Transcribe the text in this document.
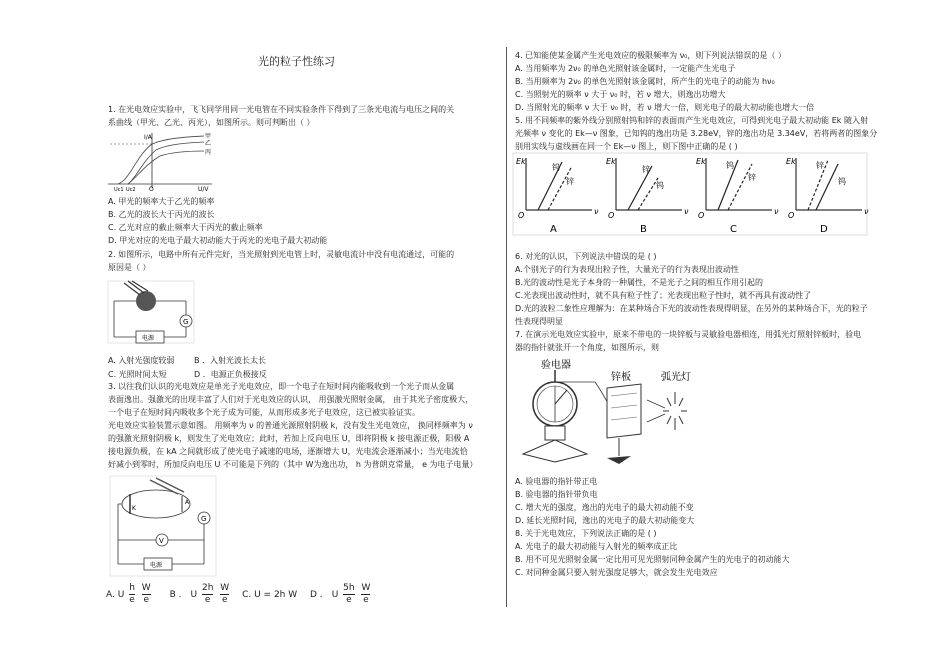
光的粒子性练习
1. 在光电效应实验中，飞飞同学用同一光电管在不同实验条件下得到了三条光电流与电压之间的关
系曲线（甲光、乙光、丙光），如图所示。则可判断出（ ）
I/A
U/V
O
Uc1 Uc2
甲
乙
丙
A. 甲光的频率大于乙光的频率
B. 乙光的波长大于丙光的波长
C. 乙光对应的截止频率大于丙光的截止频率
D. 甲光对应的光电子最大初动能大于丙光的光电子最大初动能
2. 如图所示，电路中所有元件完好，当光照射到光电管上时，灵敏电流计中没有电流通过，可能的
原因是（ ）
G
电源
A. 入射光强度较弱 B ．入射光波长太长
C. 光照时间太短	D ．电源正负极接反
3. 以往我们认识的光电效应是单光子光电效应，即一个电子在短时间内能吸收到一个光子而从金属
表面逸出。强激光的出现丰富了人们对于光电效应的认识， 用强激光照射金属， 由于其光子密度极大，
一个电子在短时间内吸收多个光子成为可能，从而形成多光子电效应，这已被实验证实。
光电效应实验装置示意如图。 用频率为 ν 的普通光源照射阴极 k，没有发生光电效应， 换同样频率为 ν
的强激光照射阴极 k，则发生了光电效应；此时，若加上反向电压 U，即将阴极 k 接电源正极，阳极 A
接电源负极，在 kA 之间就形成了使光电子减速的电场，逐渐增大 U，光电流会逐渐减小；当光电流恰
好减小到零时，所加反向电压 U 不可能是下列的（其中 W为逸出功， h 为普朗克常量， e 为电子电量）
K
A
G
V
电源
A. U $\frac{h}{e}$
$\frac{W}{e}$ B ． U $\frac{2h}{e}$
$\frac{W}{e} C$. U = 2h W D ． U $\frac{5h}{e}$
$\frac{W}{e}$
4. 已知能使某金属产生光电效应的极限频率为 ν₀，则下列说法错误的是（ ）
A. 当用频率为 2ν₀ 的单色光照射该金属时，一定能产生光电子
B. 当用频率为 2ν₀ 的单色光照射该金属时，所产生的光电子的动能为 hν₀
C. 当照射光的频率 ν 大于 ν₀ 时，若 ν 增大，则逸出功增大
D. 当照射光的频率 ν 大于 ν₀ 时，若 ν 增大一倍，则光电子的最大初动能也增大一倍
5. 用不同频率的紫外线分别照射钨和锌的表面而产生光电效应，可得到光电子最大初动能 Ek 随入射
光频率 ν 变化的 Ek—ν 图象，已知钨的逸出功是 3.28eV，锌的逸出功是 3.34eV，若将两者的图象分
别用实线与虚线画在同一个 Ek—ν 图上，则下图中正确的是 ( )
Ek
ν
O
钨
锌
A
Ek
ν
O
锌
钨
B
Ek
ν
O
钨
锌
C
Ek
ν
O
锌
钨
D
6. 对光的认识，下列说法中错误的是 ( )
A.个别光子的行为表现出粒子性，大量光子的行为表现出波动性
B.光的波动性是光子本身的一种属性，不是光子之间的相互作用引起的
C.光表现出波动性时，就不具有粒子性了；光表现出粒子性时，就不再具有波动性了
D.光的波粒二象性应理解为：在某种场合下光的波动性表现得明显，在另外的某种场合下，光的粒子
性表现得明显
7. 在演示光电效应实验中，原来不带电的一块锌板与灵敏验电器相连，用弧光灯照射锌板时，验电
器的指针就张开一个角度，如图所示，则
验电器
锌板	弧光灯
A. 验电器的指针带正电
B. 验电器的指针带负电
C. 增大光的强度，逸出的光电子的最大初动能不变
D. 延长光照时间，逸出的光电子的最大初动能变大
8. 关于光电效应，下列说法正确的是 ( )
A. 光电子的最大初动能与入射光的频率成正比
B. 用不可见光照射金属一定比用可见光照射同种金属产生的光电子的初动能大
C. 对同种金属只要入射光强度足够大，就会发生光电效应
